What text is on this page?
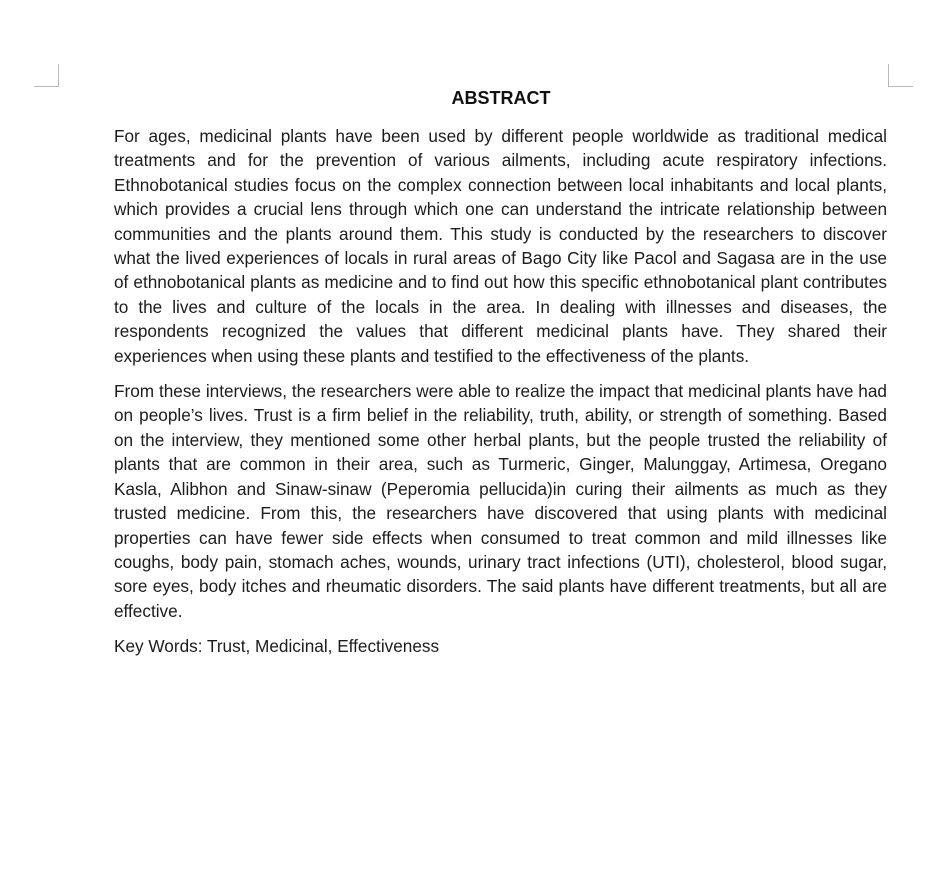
ABSTRACT

For ages, medicinal plants have been used by different people worldwide as traditional medical treatments and for the prevention of various ailments, including acute respiratory infections. Ethnobotanical studies focus on the complex connection between local inhabitants and local plants, which provides a crucial lens through which one can understand the intricate relationship between communities and the plants around them. This study is conducted by the researchers to discover what the lived experiences of locals in rural areas of Bago City like Pacol and Sagasa are in the use of ethnobotanical plants as medicine and to find out how this specific ethnobotanical plant contributes to the lives and culture of the locals in the area. In dealing with illnesses and diseases, the respondents recognized the values that different medicinal plants have. They shared their experiences when using these plants and testified to the effectiveness of the plants.

From these interviews, the researchers were able to realize the impact that medicinal plants have had on people’s lives. Trust is a firm belief in the reliability, truth, ability, or strength of something. Based on the interview, they mentioned some other herbal plants, but the people trusted the reliability of plants that are common in their area, such as Turmeric, Ginger, Malunggay, Artimesa, Oregano Kasla, Alibhon and Sinaw-sinaw (Peperomia pellucida)in curing their ailments as much as they trusted medicine. From this, the researchers have discovered that using plants with medicinal properties can have fewer side effects when consumed to treat common and mild illnesses like coughs, body pain, stomach aches, wounds, urinary tract infections (UTI), cholesterol, blood sugar, sore eyes, body itches and rheumatic disorders. The said plants have different treatments, but all are effective.

Key Words: Trust, Medicinal, Effectiveness
